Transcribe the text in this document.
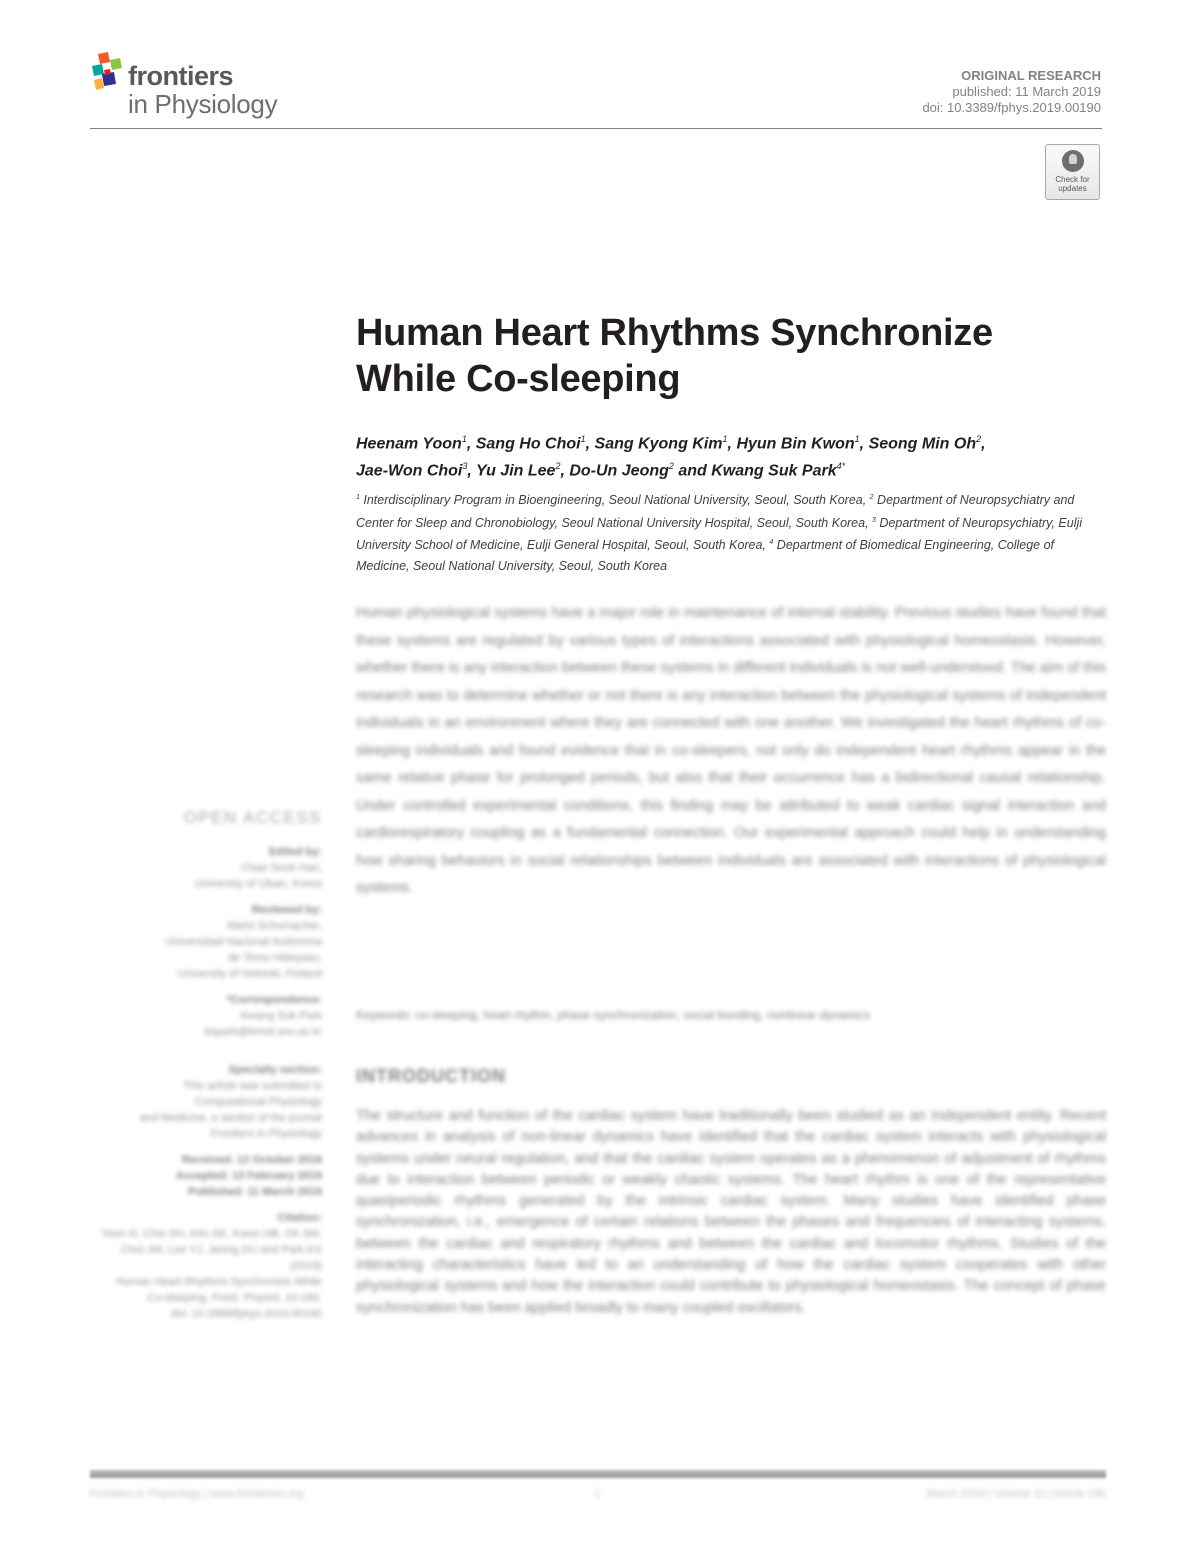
frontiers
in Physiology
ORIGINAL RESEARCH
published: 11 March 2019
doi: 10.3389/fphys.2019.00190
Check for
updates
Human Heart Rhythms Synchronize
While Co-sleeping
Heenam Yoon$^1$, Sang Ho Choi$^1$, Sang Kyong Kim$^1$, Hyun Bin Kwon$^1$, Seong Min Oh$^2$,
Jae-Won Choi$^3$, Yu Jin Lee$^2$, Do-Un Jeong$^2$ and Kwang Suk Park$^{4*}$
$^1$ Interdisciplinary Program in Bioengineering, Seoul National University, Seoul, South Korea, $^2$ Department of Neuropsychiatry and Center for Sleep and Chronobiology, Seoul National University Hospital, Seoul, South Korea, $^3$ Department of Neuropsychiatry, Eulji University School of Medicine, Eulji General Hospital, Seoul, South Korea, $^4$ Department of Biomedical Engineering, College of Medicine, Seoul National University, Seoul, South Korea
Human physiological systems have a major role in maintenance of internal stability. Previous studies have found that these systems are regulated by various types of interactions associated with physiological homeostasis. However, whether there is any interaction between these systems in different individuals is not well-understood. The aim of this research was to determine whether or not there is any interaction between the physiological systems of independent individuals in an environment where they are connected with one another. We investigated the heart rhythms of co-sleeping individuals and found evidence that in co-sleepers, not only do independent heart rhythms appear in the same relative phase for prolonged periods, but also that their occurrence has a bidirectional causal relationship. Under controlled experimental conditions, this finding may be attributed to weak cardiac signal interaction and cardiorespiratory coupling as a fundamental connection. Our experimental approach could help in understanding how sharing behaviors in social relationships between individuals are associated with interactions of physiological systems.
Keywords: co-sleeping, heart rhythm, phase synchronization, social bonding, nonlinear dynamics
INTRODUCTION
The structure and function of the cardiac system have traditionally been studied as an independent entity. Recent advances in analysis of non-linear dynamics have identified that the cardiac system interacts with physiological systems under neural regulation, and that the cardiac system operates as a phenomenon of adjustment of rhythms due to interaction between periodic or weakly chaotic systems. The heart rhythm is one of the representative quasiperiodic rhythms generated by the intrinsic cardiac system. Many studies have identified phase synchronization, i.e., emergence of certain relations between the phases and frequencies of interacting systems, between the cardiac and respiratory rhythms and between the cardiac and locomotor rhythms. Studies of the interacting characteristics have led to an understanding of how the cardiac system cooperates with other physiological systems and how the interaction could contribute to physiological homeostasis. The concept of phase synchronization has been applied broadly to many coupled oscillators.
OPEN ACCESS
Edited by:
Chae Seok Han,
University of Ulsan, Korea
Reviewed by:
Mario Schumacher,
Universidad Nacional Autónoma
de Tomo Hideyasu,
University of Helsinki, Finland
*Correspondence:
Kwang Suk Park
kspark@bmsil.snu.ac.kr
Specialty section:
This article was submitted to
Computational Physiology
and Medicine, a section of the journal
Frontiers in Physiology
Received: 12 October 2018
Accepted: 13 February 2019
Published: 11 March 2019
Citation:
Yoon H, Choi SH, Kim SK, Kwon HB, Oh SM,
Choi JW, Lee YJ, Jeong DU and Park KS (2019)
Human Heart Rhythms Synchronize While
Co-sleeping. Front. Physiol. 10:190.
doi: 10.3389/fphys.2019.00190
Frontiers in Physiology | www.frontiersin.org	1	March 2019 | Volume 10 | Article 190
